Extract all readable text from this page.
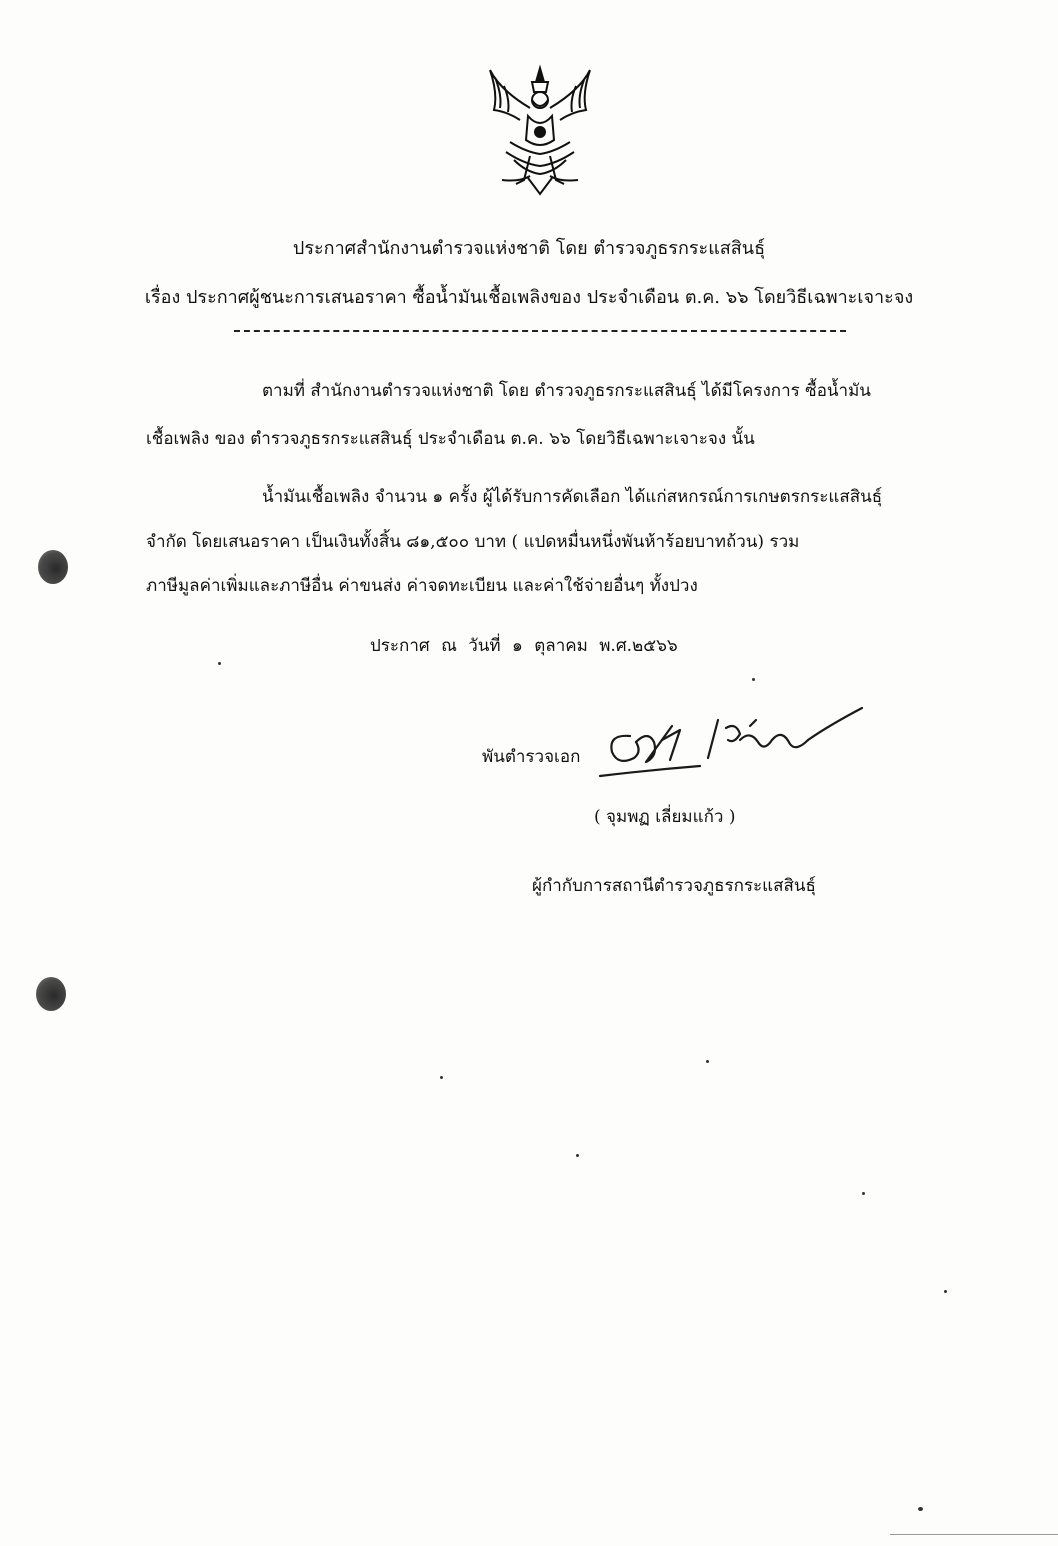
ประกาศสำนักงานตำรวจแห่งชาติ โดย ตำรวจภูธรกระแสสินธุ์
เรื่อง ประกาศผู้ชนะการเสนอราคา ซื้อน้ำมันเชื้อเพลิงของ ประจำเดือน ต.ค. ๖๖ โดยวิธีเฉพาะเจาะจง
ตามที่ สำนักงานตำรวจแห่งชาติ โดย ตำรวจภูธรกระแสสินธุ์ ได้มีโครงการ ซื้อน้ำมัน
เชื้อเพลิง ของ ตำรวจภูธรกระแสสินธุ์ ประจำเดือน ต.ค. ๖๖ โดยวิธีเฉพาะเจาะจง นั้น
น้ำมันเชื้อเพลิง จำนวน ๑ ครั้ง ผู้ได้รับการคัดเลือก ได้แก่สหกรณ์การเกษตรกระแสสินธุ์
จำกัด โดยเสนอราคา เป็นเงินทั้งสิ้น ๘๑,๕๐๐ บาท ( แปดหมื่นหนึ่งพันห้าร้อยบาทถ้วน) รวม
ภาษีมูลค่าเพิ่มและภาษีอื่น ค่าขนส่ง ค่าจดทะเบียน และค่าใช้จ่ายอื่นๆ ทั้งปวง
ประกาศ ณ วันที่ ๑ ตุลาคม พ.ศ.๒๕๖๖
พันตำรวจเอก
( จุมพฏ เลี่ยมแก้ว )
ผู้กำกับการสถานีตำรวจภูธรกระแสสินธุ์
